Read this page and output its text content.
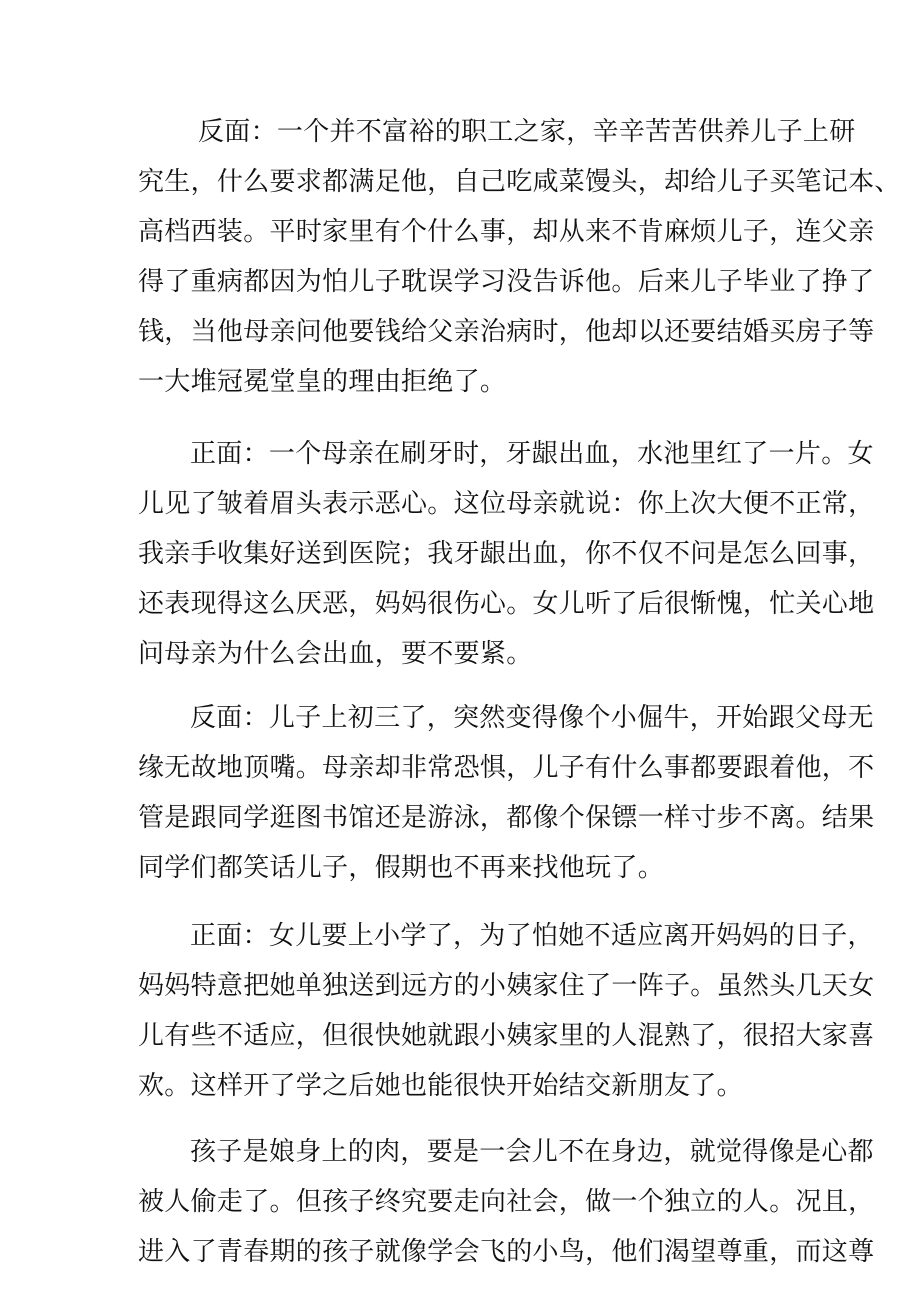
反面：一个并不富裕的职工之家，辛辛苦苦供养儿子上研
究生，什么要求都满足他，自己吃咸菜馒头，却给儿子买笔记本、
高档西装。平时家里有个什么事，却从来不肯麻烦儿子，连父亲
得了重病都因为怕儿子耽误学习没告诉他。后来儿子毕业了挣了
钱，当他母亲问他要钱给父亲治病时，他却以还要结婚买房子等
一大堆冠冕堂皇的理由拒绝了。
正面：一个母亲在刷牙时，牙龈出血，水池里红了一片。女
儿见了皱着眉头表示恶心。这位母亲就说：你上次大便不正常，
我亲手收集好送到医院；我牙龈出血，你不仅不问是怎么回事，
还表现得这么厌恶，妈妈很伤心。女儿听了后很惭愧，忙关心地
问母亲为什么会出血，要不要紧。
反面：儿子上初三了，突然变得像个小倔牛，开始跟父母无
缘无故地顶嘴。母亲却非常恐惧，儿子有什么事都要跟着他，不
管是跟同学逛图书馆还是游泳，都像个保镖一样寸步不离。结果
同学们都笑话儿子，假期也不再来找他玩了。
正面：女儿要上小学了，为了怕她不适应离开妈妈的日子，
妈妈特意把她单独送到远方的小姨家住了一阵子。虽然头几天女
儿有些不适应，但很快她就跟小姨家里的人混熟了，很招大家喜
欢。这样开了学之后她也能很快开始结交新朋友了。
孩子是娘身上的肉，要是一会儿不在身边，就觉得像是心都
被人偷走了。但孩子终究要走向社会，做一个独立的人。况且，
进入了青春期的孩子就像学会飞的小鸟，他们渴望尊重，而这尊
